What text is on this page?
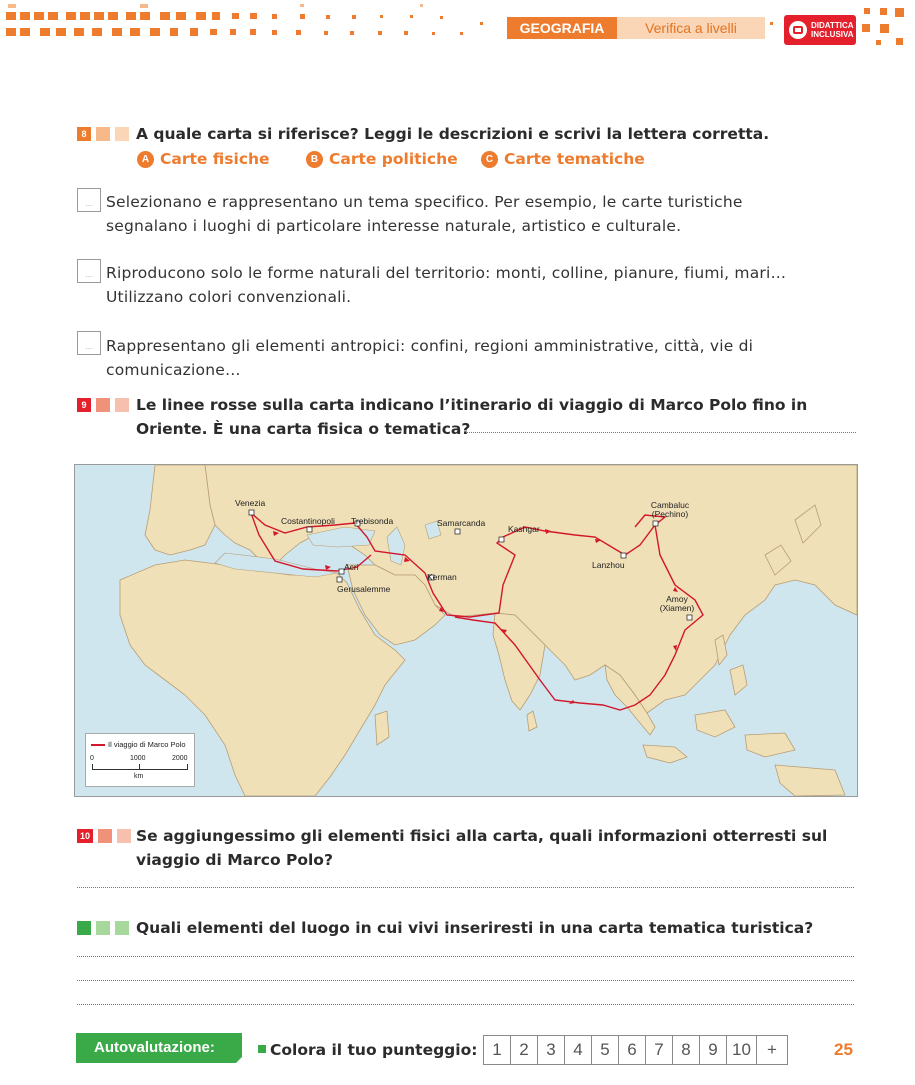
GEOGRAFIA	Verifica a livelli	DIDATTICA
INCLUSIVA
8	A quale carta si riferisce? Leggi le descrizioni e scrivi la lettera corretta.
A Carte fisiche	B Carte politiche	C Carte tematiche
... Selezionano e rappresentano un tema specifico. Per esempio, le carte turistiche
segnalano i luoghi di particolare interesse naturale, artistico e culturale.
... Riproducono solo le forme naturali del territorio: monti, colline, pianure, fiumi, mari…
Utilizzano colori convenzionali.
... Rappresentano gli elementi antropici: confini, regioni amministrative, città, vie di
comunicazione…
9	Le linee rosse sulla carta indicano l’itinerario di viaggio di Marco Polo fino in
Oriente. È una carta fisica o tematica?
Venezia
Costantinopoli Trebisonda	Samarcanda
Kashgar
Cambaluc (Pechino)
Lanzhou
Acri
Gerusalemme
Kerman
Amoy (Xiamen)
Il viaggio di Marco Polo
0	1000	2000
km
10	Se aggiungessimo gli elementi fisici alla carta, quali informazioni otterresti sul
viaggio di Marco Polo?
Quali elementi del luogo in cui vivi inseriresti in una carta tematica turistica?
Autovalutazione:	Colora il tuo punteggio: 1	2	3	4	5	6	7	8	9 10 +	25
